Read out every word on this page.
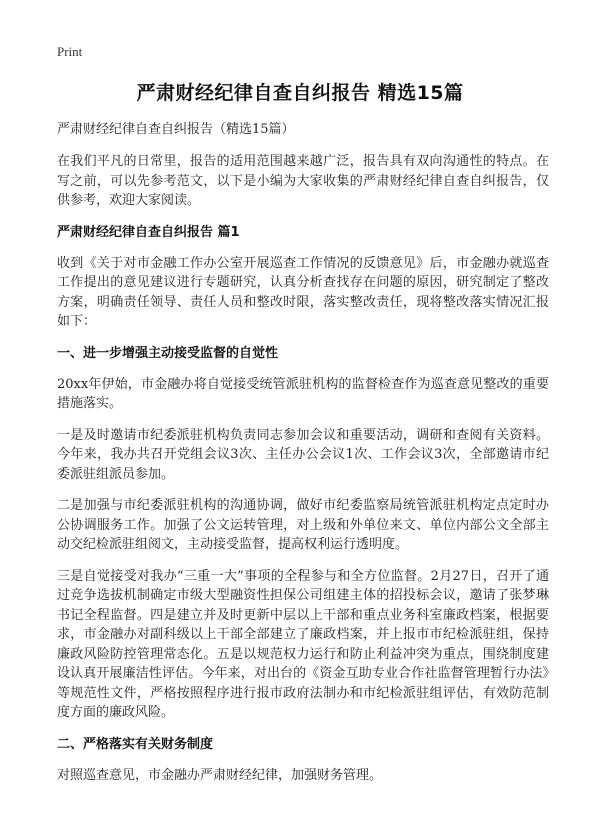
Print
严肃财经纪律自查自纠报告 精选15篇
严肃财经纪律自查自纠报告（精选15篇）

在我们平凡的日常里，报告的适用范围越来越广泛，报告具有双向沟通性的特点。在写之前，可以先参考范文，以下是小编为大家收集的严肃财经纪律自查自纠报告，仅供参考，欢迎大家阅读。

严肃财经纪律自查自纠报告 篇1

收到《关于对市金融工作办公室开展巡查工作情况的反馈意见》后，市金融办就巡查工作提出的意见建议进行专题研究，认真分析查找存在问题的原因，研究制定了整改方案，明确责任领导、责任人员和整改时限，落实整改责任，现将整改落实情况汇报如下：

一、进一步增强主动接受监督的自觉性

20xx年伊始，市金融办将自觉接受统管派驻机构的监督检查作为巡查意见整改的重要措施落实。

一是及时邀请市纪委派驻机构负责同志参加会议和重要活动，调研和查阅有关资料。今年来，我办共召开党组会议3次、主任办公会议1次、工作会议3次，全部邀请市纪委派驻组派员参加。

二是加强与市纪委派驻机构的沟通协调，做好市纪委监察局统管派驻机构定点定时办公协调服务工作。加强了公文运转管理，对上级和外单位来文、单位内部公文全部主动交纪检派驻组阅文，主动接受监督，提高权利运行透明度。

三是自觉接受对我办“三重一大”事项的全程参与和全方位监督。2月27日，召开了通过竞争选拔机制确定市级大型融资性担保公司组建主体的招投标会议，邀请了张梦琳书记全程监督。四是建立并及时更新中层以上干部和重点业务科室廉政档案，根据要求，市金融办对副科级以上干部全部建立了廉政档案，并上报市市纪检派驻组，保持廉政风险防控管理常态化。五是以规范权力运行和防止利益冲突为重点，围绕制度建设认真开展廉洁性评估。今年来，对出台的《资金互助专业合作社监督管理暂行办法》等规范性文件，严格按照程序进行报市政府法制办和市纪检派驻组评估，有效防范制度方面的廉政风险。

二、严格落实有关财务制度

对照巡查意见，市金融办严肃财经纪律，加强财务管理。
